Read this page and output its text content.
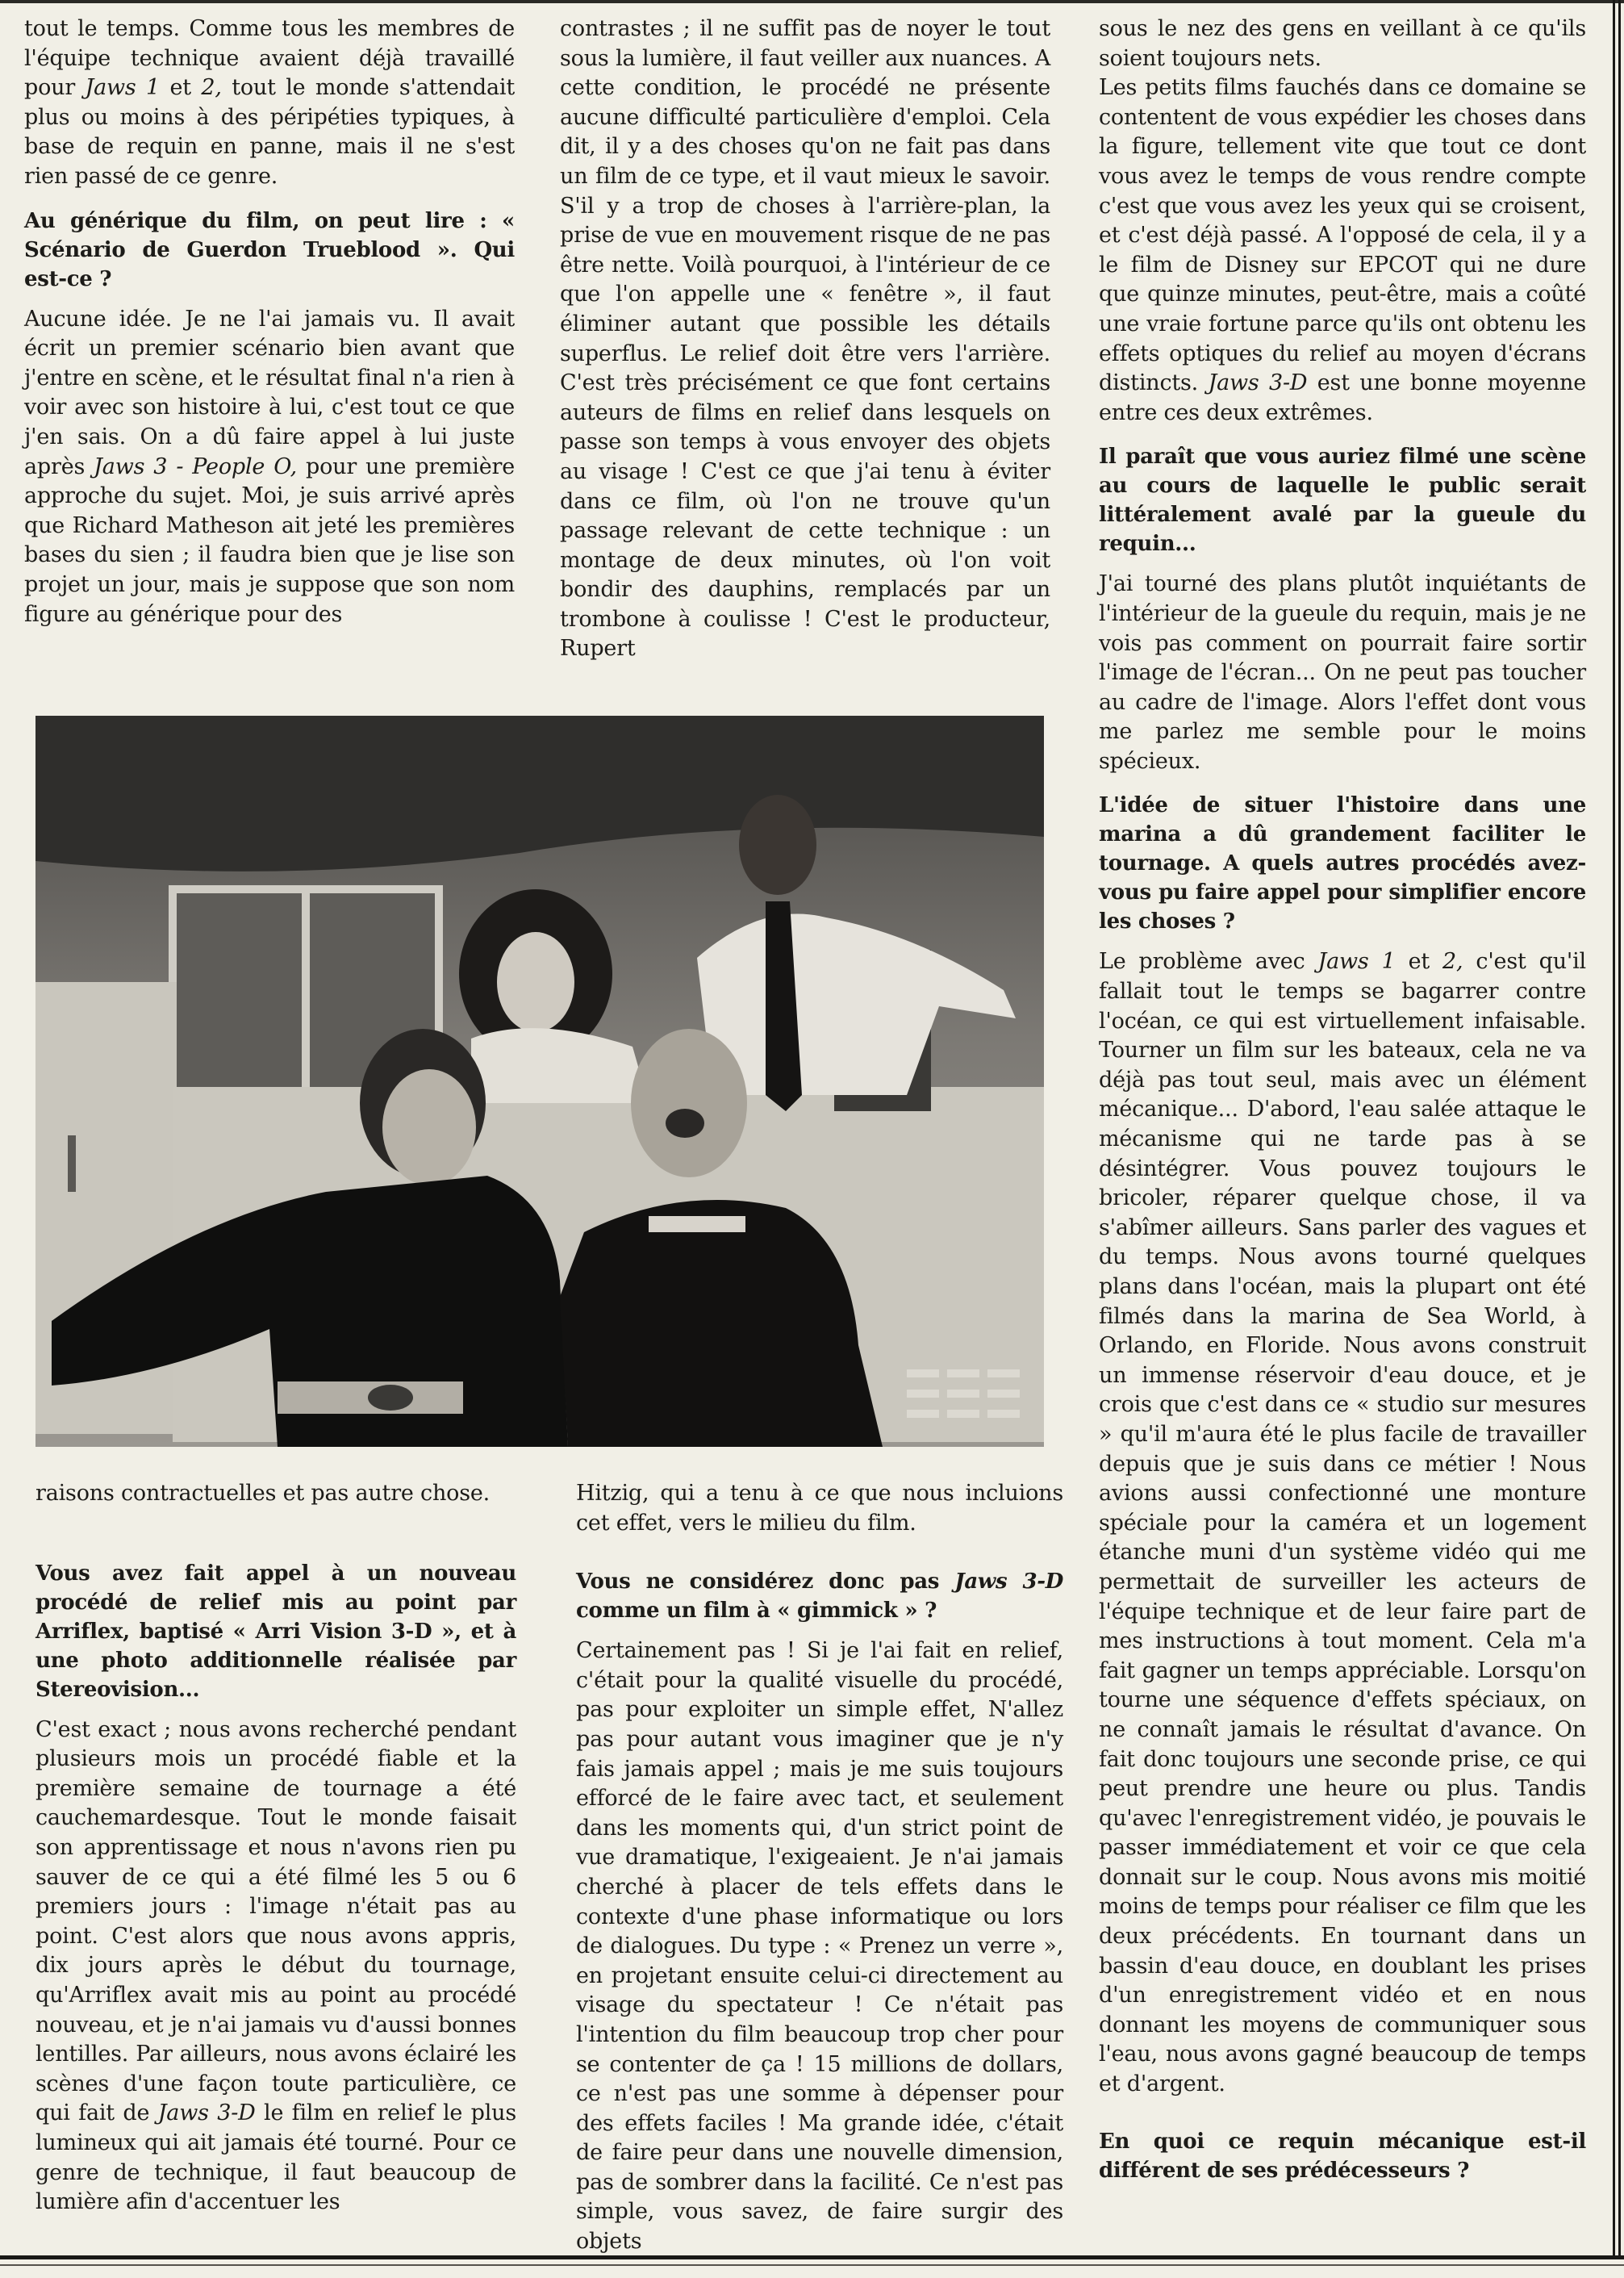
tout le temps. Comme tous les membres de l'équipe technique avaient déjà travaillé pour Jaws 1 et 2, tout le monde s'attendait plus ou moins à des péripéties typiques, à base de requin en panne, mais il ne s'est rien passé de ce genre.

Au générique du film, on peut lire : « Scénario de Guerdon Trueblood ». Qui est-ce ?

Aucune idée. Je ne l'ai jamais vu. Il avait écrit un premier scénario bien avant que j'entre en scène, et le résultat final n'a rien à voir avec son histoire à lui, c'est tout ce que j'en sais. On a dû faire appel à lui juste après Jaws 3 - People O, pour une première approche du sujet. Moi, je suis arrivé après que Richard Matheson ait jeté les premières bases du sien ; il faudra bien que je lise son projet un jour, mais je suppose que son nom figure au générique pour des

contrastes ; il ne suffit pas de noyer le tout sous la lumière, il faut veiller aux nuances. A cette condition, le procédé ne présente aucune difficulté particulière d'emploi. Cela dit, il y a des choses qu'on ne fait pas dans un film de ce type, et il vaut mieux le savoir. S'il y a trop de choses à l'arrière-plan, la prise de vue en mouvement risque de ne pas être nette. Voilà pourquoi, à l'intérieur de ce que l'on appelle une « fenêtre », il faut éliminer autant que possible les détails superflus. Le relief doit être vers l'arrière. C'est très précisément ce que font certains auteurs de films en relief dans lesquels on passe son temps à vous envoyer des objets au visage ! C'est ce que j'ai tenu à éviter dans ce film, où l'on ne trouve qu'un passage relevant de cette technique : un montage de deux minutes, où l'on voit bondir des dauphins, remplacés par un trombone à coulisse ! C'est le producteur, Rupert

sous le nez des gens en veillant à ce qu'ils soient toujours nets.

Les petits films fauchés dans ce domaine se contentent de vous expédier les choses dans la figure, tellement vite que tout ce dont vous avez le temps de vous rendre compte c'est que vous avez les yeux qui se croisent, et c'est déjà passé. A l'opposé de cela, il y a le film de Disney sur EPCOT qui ne dure que quinze minutes, peut-être, mais a coûté une vraie fortune parce qu'ils ont obtenu les effets optiques du relief au moyen d'écrans distincts. Jaws 3-D est une bonne moyenne entre ces deux extrêmes.

Il paraît que vous auriez filmé une scène au cours de laquelle le public serait littéralement avalé par la gueule du requin...

J'ai tourné des plans plutôt inquiétants de l'intérieur de la gueule du requin, mais je ne vois pas comment on pourrait faire sortir l'image de l'écran... On ne peut pas toucher au cadre de l'image. Alors l'effet dont vous me parlez me semble pour le moins spécieux.

L'idée de situer l'histoire dans une marina a dû grandement faciliter le tournage. A quels autres procédés avez-vous pu faire appel pour simplifier encore les choses ?

Le problème avec Jaws 1 et 2, c'est qu'il fallait tout le temps se bagarrer contre l'océan, ce qui est virtuellement infaisable. Tourner un film sur les bateaux, cela ne va déjà pas tout seul, mais avec un élément mécanique... D'abord, l'eau salée attaque le mécanisme qui ne tarde pas à se désintégrer. Vous pouvez toujours le bricoler, réparer quelque chose, il va s'abîmer ailleurs. Sans parler des vagues et du temps. Nous avons tourné quelques plans dans l'océan, mais la plupart ont été filmés dans la marina de Sea World, à Orlando, en Floride. Nous avons construit un immense réservoir d'eau douce, et je crois que c'est dans ce « studio sur mesures » qu'il m'aura été le plus facile de travailler depuis que je suis dans ce métier ! Nous avions aussi confectionné une monture spéciale pour la caméra et un logement étanche muni d'un système vidéo qui me permettait de surveiller les acteurs de l'équipe technique et de leur faire part de mes instructions à tout moment. Cela m'a fait gagner un temps appréciable. Lorsqu'on tourne une séquence d'effets spéciaux, on ne connaît jamais le résultat d'avance. On fait donc toujours une seconde prise, ce qui peut prendre une heure ou plus. Tandis qu'avec l'enregistrement vidéo, je pouvais le passer immédiatement et voir ce que cela donnait sur le coup. Nous avons mis moitié moins de temps pour réaliser ce film que les deux précédents. En tournant dans un bassin d'eau douce, en doublant les prises d'un enregistrement vidéo et en nous donnant les moyens de communiquer sous l'eau, nous avons gagné beaucoup de temps et d'argent.

En quoi ce requin mécanique est-il différent de ses prédécesseurs ?

raisons contractuelles et pas autre chose.

Vous avez fait appel à un nouveau procédé de relief mis au point par Arriflex, baptisé « Arri Vision 3-D », et à une photo additionnelle réalisée par Stereovision...

C'est exact ; nous avons recherché pendant plusieurs mois un procédé fiable et la première semaine de tournage a été cauchemardesque. Tout le monde faisait son apprentissage et nous n'avons rien pu sauver de ce qui a été filmé les 5 ou 6 premiers jours : l'image n'était pas au point. C'est alors que nous avons appris, dix jours après le début du tournage, qu'Arriflex avait mis au point au procédé nouveau, et je n'ai jamais vu d'aussi bonnes lentilles. Par ailleurs, nous avons éclairé les scènes d'une façon toute particulière, ce qui fait de Jaws 3-D le film en relief le plus lumineux qui ait jamais été tourné. Pour ce genre de technique, il faut beaucoup de lumière afin d'accentuer les

Hitzig, qui a tenu à ce que nous incluions cet effet, vers le milieu du film.

Vous ne considérez donc pas Jaws 3-D comme un film à « gimmick » ?

Certainement pas ! Si je l'ai fait en relief, c'était pour la qualité visuelle du procédé, pas pour exploiter un simple effet, N'allez pas pour autant vous imaginer que je n'y fais jamais appel ; mais je me suis toujours efforcé de le faire avec tact, et seulement dans les moments qui, d'un strict point de vue dramatique, l'exigeaient. Je n'ai jamais cherché à placer de tels effets dans le contexte d'une phase informatique ou lors de dialogues. Du type : « Prenez un verre », en projetant ensuite celui-ci directement au visage du spectateur ! Ce n'était pas l'intention du film beaucoup trop cher pour se contenter de ça ! 15 millions de dollars, ce n'est pas une somme à dépenser pour des effets faciles ! Ma grande idée, c'était de faire peur dans une nouvelle dimension, pas de sombrer dans la facilité. Ce n'est pas simple, vous savez, de faire surgir des objets
